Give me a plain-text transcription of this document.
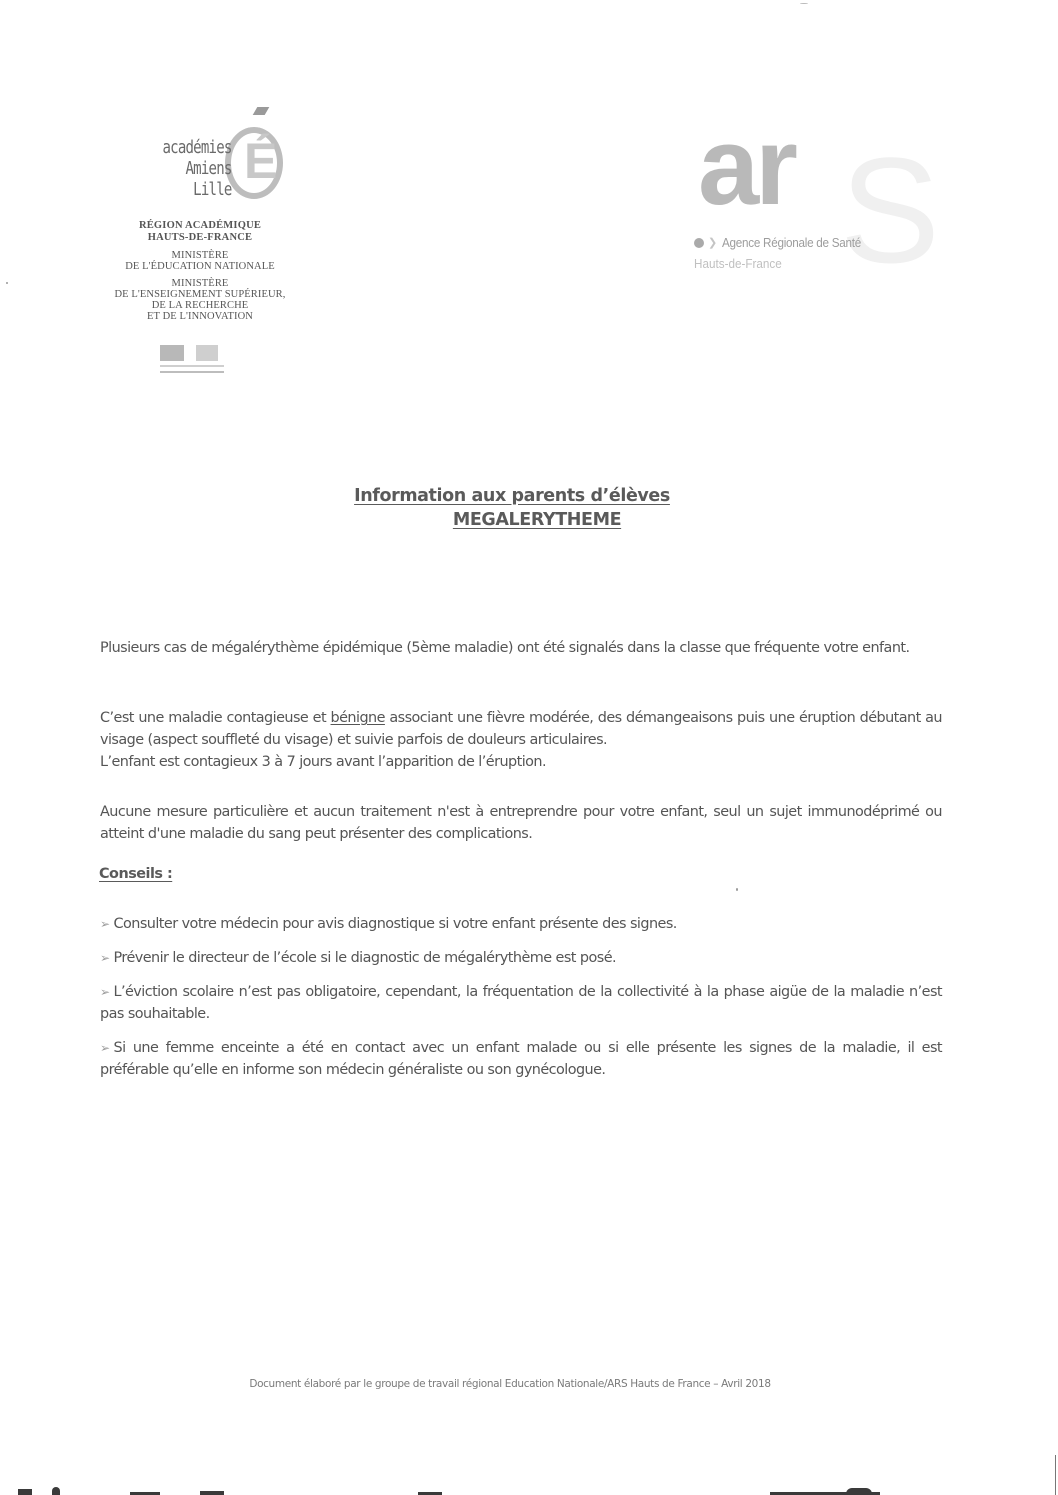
É
académies
Amiens
Lille
RÉGION ACADÉMIQUE
HAUTS-DE-FRANCE
MINISTÈRE
DE L'ÉDUCATION NATIONALE
MINISTÈRE
DE L'ENSEIGNEMENT SUPÉRIEUR,
DE LA RECHERCHE
ET DE L'INNOVATION
S
ar
❯ Agence Régionale de Santé
Hauts-de-France
Information aux parents d’élèves
MEGALERYTHEME
Plusieurs cas de mégalérythème épidémique (5ème maladie) ont été signalés dans la classe que fréquente votre enfant.
C’est une maladie contagieuse et bénigne associant une fièvre modérée, des démangeaisons puis une éruption débutant au visage (aspect souffleté du visage) et suivie parfois de douleurs articulaires.
L’enfant est contagieux 3 à 7 jours avant l’apparition de l’éruption.
Aucune mesure particulière et aucun traitement n'est à entreprendre pour votre enfant, seul un sujet immunodéprimé ou atteint d'une maladie du sang peut présenter des complications.
Conseils :
➢ Consulter votre médecin pour avis diagnostique si votre enfant présente des signes.
➢ Prévenir le directeur de l’école si le diagnostic de mégalérythème est posé.
➢ L’éviction scolaire n’est pas obligatoire, cependant, la fréquentation de la collectivité à la phase aigüe de la maladie n’est pas souhaitable.
➢ Si une femme enceinte a été en contact avec un enfant malade ou si elle présente les signes de la maladie, il est préférable qu’elle en informe son médecin généraliste ou son gynécologue.
Document élaboré par le groupe de travail régional Education Nationale/ARS Hauts de France – Avril 2018
